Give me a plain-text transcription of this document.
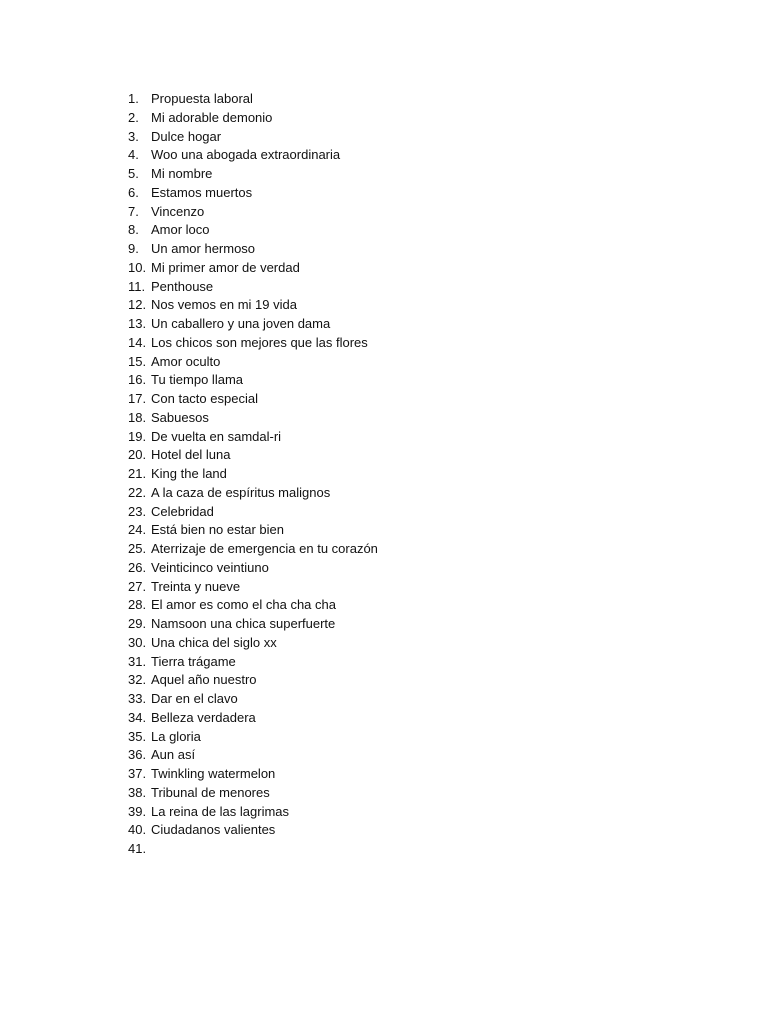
1. Propuesta laboral
2. Mi adorable demonio
3. Dulce hogar
4. Woo una abogada extraordinaria
5. Mi nombre
6. Estamos muertos
7. Vincenzo
8. Amor loco
9. Un amor hermoso
10. Mi primer amor de verdad
11. Penthouse
12. Nos vemos en mi 19 vida
13. Un caballero y una joven dama
14. Los chicos son mejores que las flores
15. Amor oculto
16. Tu tiempo llama
17. Con tacto especial
18. Sabuesos
19. De vuelta en samdal-ri
20. Hotel del luna
21. King the land
22. A la caza de espíritus malignos
23. Celebridad
24. Está bien no estar bien
25. Aterrizaje de emergencia en tu corazón
26. Veinticinco veintiuno
27. Treinta y nueve
28. El amor es como el cha cha cha
29. Namsoon una chica superfuerte
30. Una chica del siglo xx
31. Tierra trágame
32. Aquel año nuestro
33. Dar en el clavo
34. Belleza verdadera
35. La gloria
36. Aun así
37. Twinkling watermelon
38. Tribunal de menores
39. La reina de las lagrimas
40. Ciudadanos valientes
41.
